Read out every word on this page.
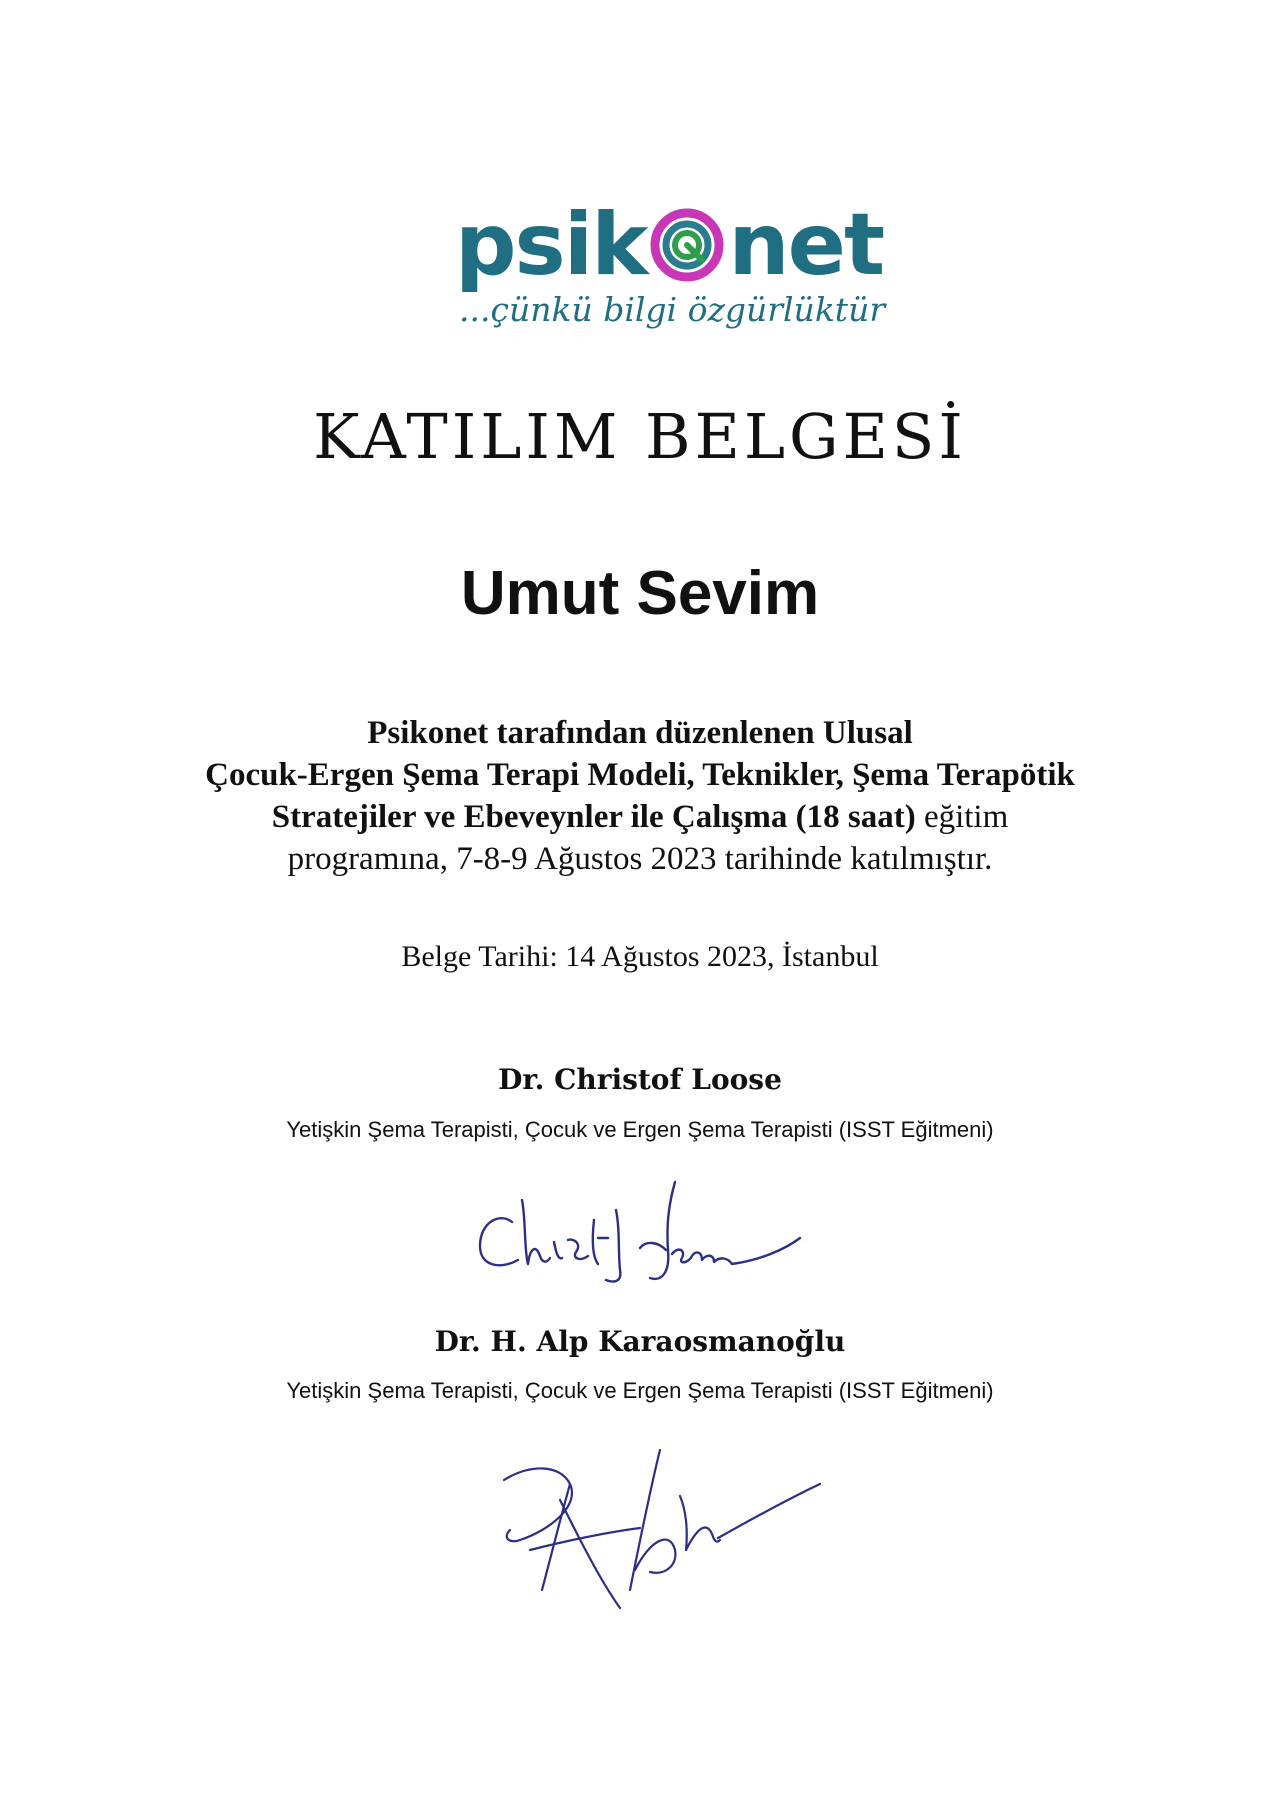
psik net
...çünkü bilgi özgürlüktür
KATILIM BELGESİ
Umut Sevim
Psikonet tarafından düzenlenen Ulusal
Çocuk-Ergen Şema Terapi Modeli, Teknikler, Şema Terapötik
Stratejiler ve Ebeveynler ile Çalışma (18 saat) eğitim
programına, 7-8-9 Ağustos 2023 tarihinde katılmıştır.
Belge Tarihi: 14 Ağustos 2023, İstanbul
Dr. Christof Loose
Yetişkin Şema Terapisti, Çocuk ve Ergen Şema Terapisti (ISST Eğitmeni)
Dr. H. Alp Karaosmanoğlu
Yetişkin Şema Terapisti, Çocuk ve Ergen Şema Terapisti (ISST Eğitmeni)
